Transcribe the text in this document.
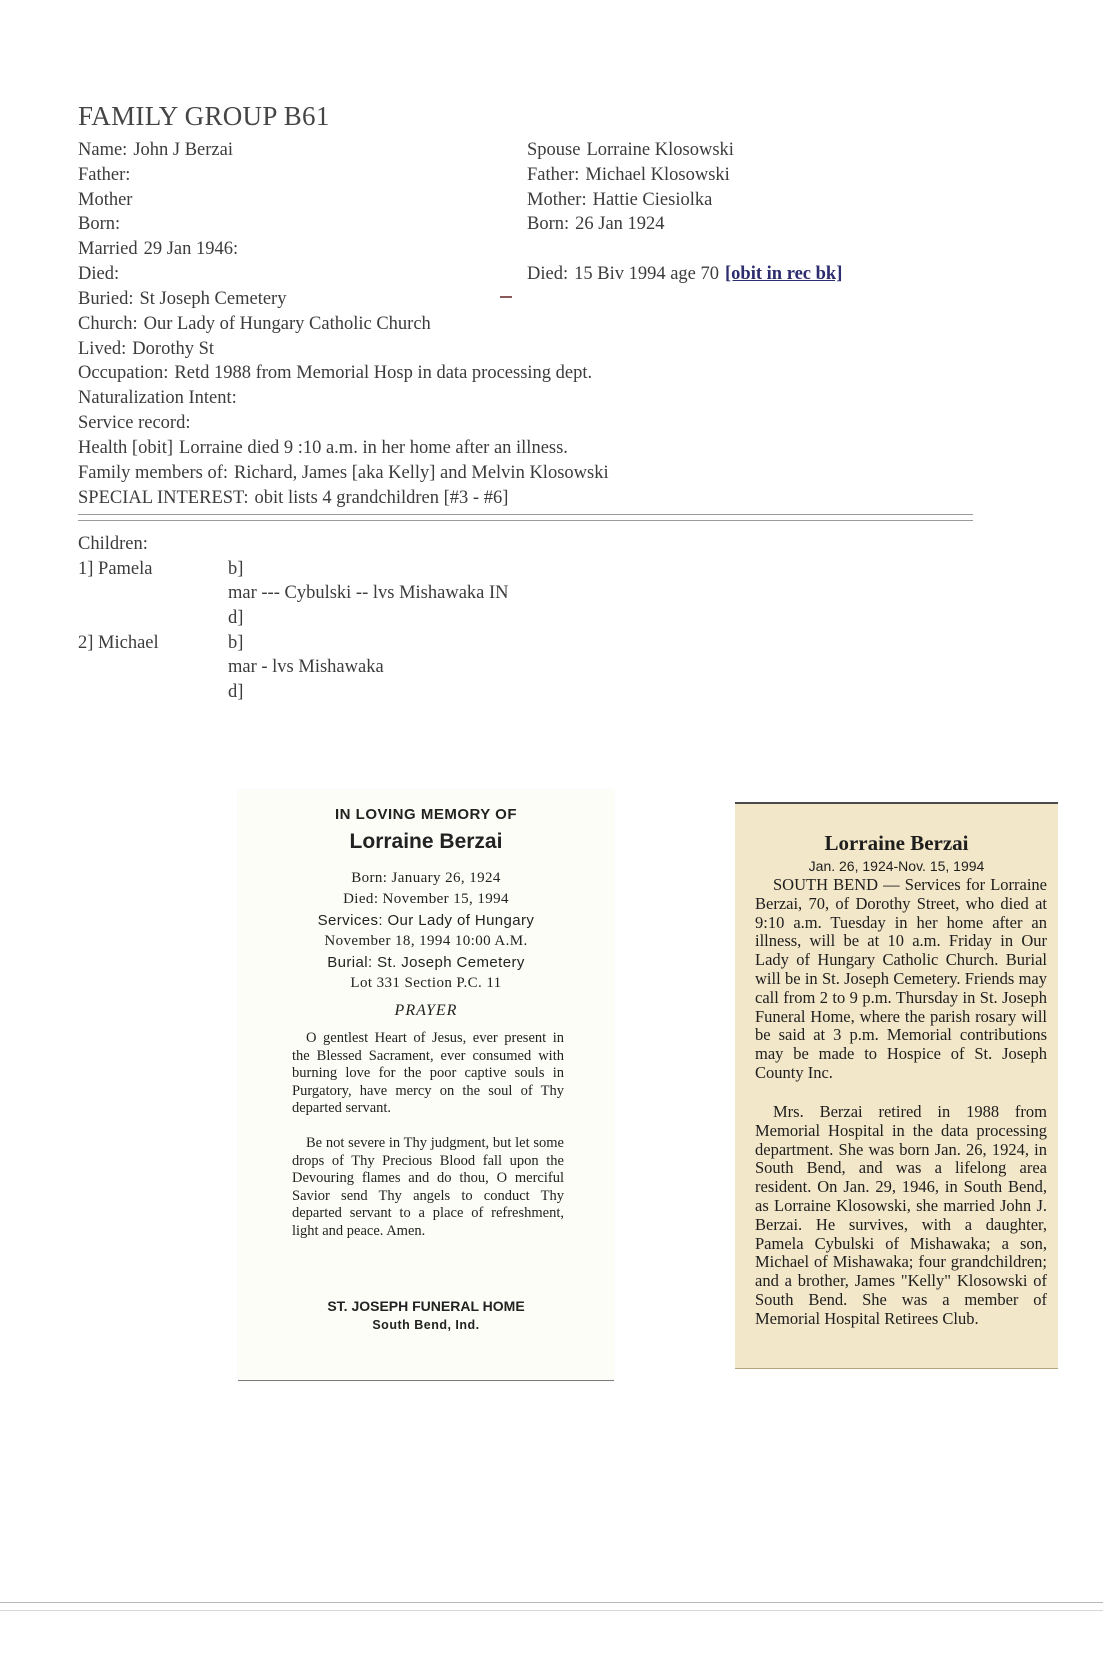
FAMILY GROUP B61
Name: John J Berzai
Father:
Mother
Born:
Married 29 Jan 1946:
Died:
Buried: St Joseph Cemetery
Church: Our Lady of Hungary Catholic Church
Lived: Dorothy St
Occupation: Retd 1988 from Memorial Hosp in data processing dept.
Naturalization Intent:
Service record:
Health [obit] Lorraine died 9 :10 a.m. in her home after an illness.
Family members of: Richard, James [aka Kelly] and Melvin Klosowski
SPECIAL INTEREST: obit lists 4 grandchildren [#3 - #6]
Spouse Lorraine Klosowski
Father: Michael Klosowski
Mother: Hattie Ciesiolka
Born: 26 Jan 1924
Died: 15 Biv 1994 age 70 [obit in rec bk]
Children:
1] Pamela	b]
mar --- Cybulski -- lvs Mishawaka IN
d]
2] Michael	b]
mar - lvs Mishawaka
d]
IN LOVING MEMORY OF
Lorraine Berzai
Born: January 26, 1924
Died: November 15, 1994
Services: Our Lady of Hungary
November 18, 1994 10:00 A.M.
Burial: St. Joseph Cemetery
Lot 331 Section P.C. 11
PRAYER
O gentlest Heart of Jesus, ever present in the Blessed Sacrament, ever consumed with burning love for the poor captive souls in Purgatory, have mercy on the soul of Thy departed servant.
Be not severe in Thy judgment, but let some drops of Thy Precious Blood fall upon the Devouring flames and do thou, O merciful Savior send Thy angels to conduct Thy departed servant to a place of refreshment, light and peace. Amen.
ST. JOSEPH FUNERAL HOME
South Bend, Ind.
Lorraine Berzai
Jan. 26, 1924-Nov. 15, 1994
SOUTH BEND — Services for Lorraine Berzai, 70, of Dorothy Street, who died at 9:10 a.m. Tuesday in her home after an illness, will be at 10 a.m. Friday in Our Lady of Hungary Catholic Church. Burial will be in St. Joseph Cemetery. Friends may call from 2 to 9 p.m. Thursday in St. Joseph Funeral Home, where the parish rosary will be said at 3 p.m. Memorial contributions may be made to Hospice of St. Joseph County Inc.
Mrs. Berzai retired in 1988 from Memorial Hospital in the data processing department. She was born Jan. 26, 1924, in South Bend, and was a lifelong area resident. On Jan. 29, 1946, in South Bend, as Lorraine Klosowski, she married John J. Berzai. He survives, with a daughter, Pamela Cybulski of Mishawaka; a son, Michael of Mishawaka; four grandchildren; and a brother, James "Kelly" Klosowski of South Bend. She was a member of Memorial Hospital Retirees Club.
